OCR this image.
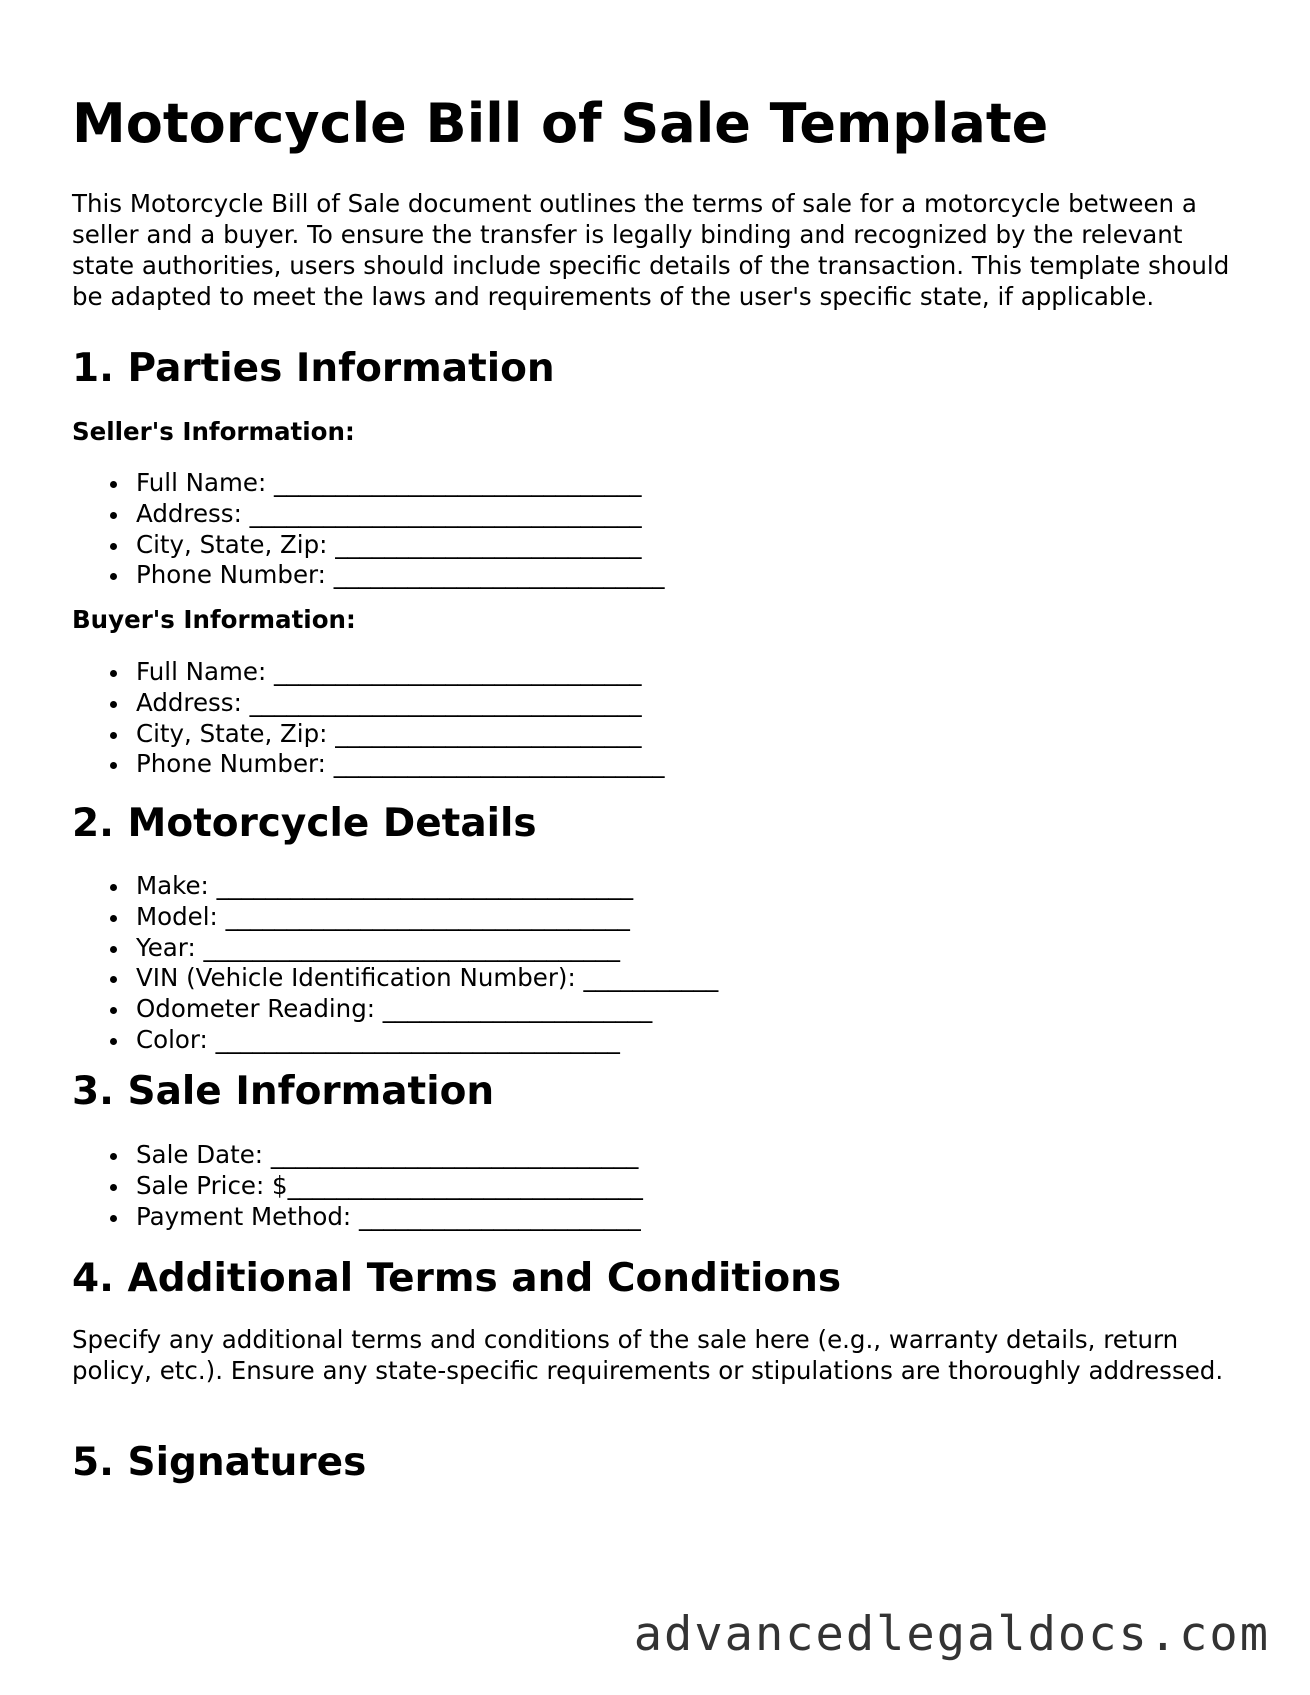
Motorcycle Bill of Sale Template

This Motorcycle Bill of Sale document outlines the terms of sale for a motorcycle between a seller and a buyer. To ensure the transfer is legally binding and recognized by the relevant state authorities, users should include specific details of the transaction. This template should be adapted to meet the laws and requirements of the user's specific state, if applicable.

1. Parties Information
Seller's Information:
Full Name: ______________________________
Address: ________________________________
City, State, Zip: _________________________
Phone Number: ___________________________
Buyer's Information:
Full Name: ______________________________
Address: ________________________________
City, State, Zip: _________________________
Phone Number: ___________________________
2. Motorcycle Details
Make: __________________________________
Model: _________________________________
Year: __________________________________
VIN (Vehicle Identification Number): ___________
Odometer Reading: ______________________
Color: _________________________________
3. Sale Information
Sale Date: ______________________________
Sale Price: $_____________________________
Payment Method: _______________________
4. Additional Terms and Conditions

Specify any additional terms and conditions of the sale here (e.g., warranty details, return policy, etc.). Ensure any state-specific requirements or stipulations are thoroughly addressed.

5. Signatures
advancedlegaldocs.com
